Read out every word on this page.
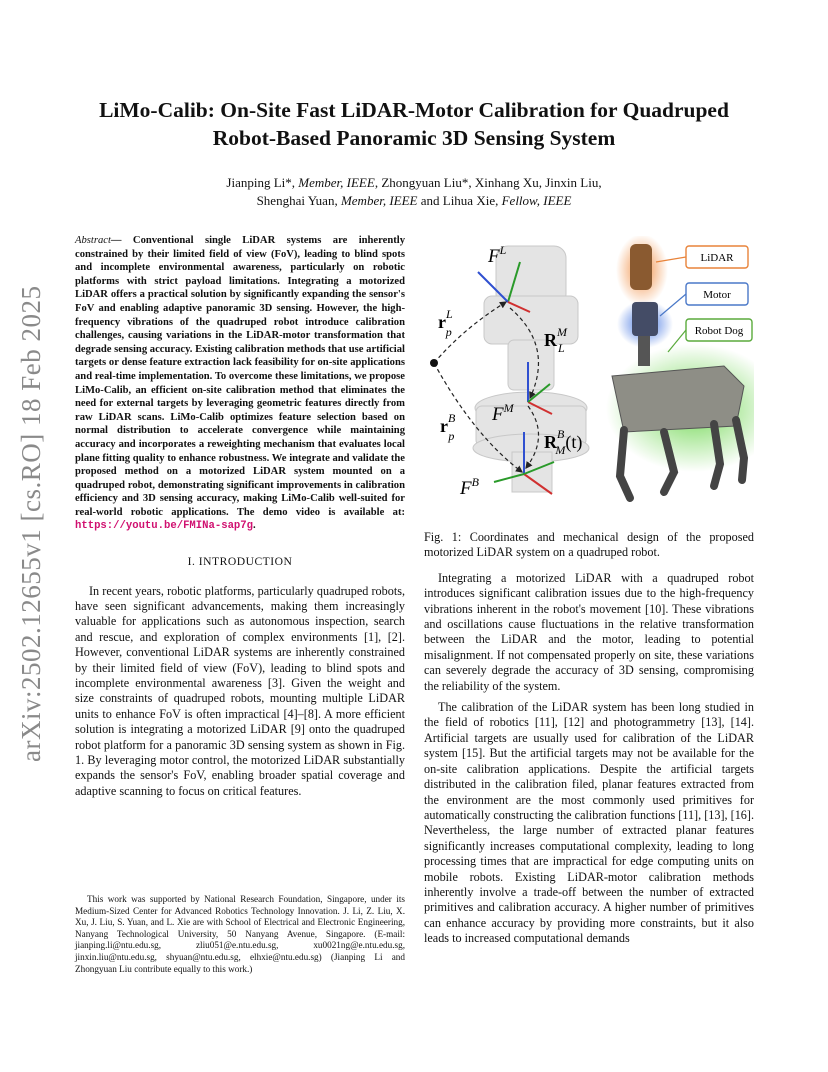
arXiv:2502.12655v1 [cs.RO] 18 Feb 2025
LiMo-Calib: On-Site Fast LiDAR-Motor Calibration for Quadruped
Robot-Based Panoramic 3D Sensing System
Jianping Li*, Member, IEEE, Zhongyuan Liu*, Xinhang Xu, Jinxin Liu,
Shenghai Yuan, Member, IEEE and Lihua Xie, Fellow, IEEE
Abstract— Conventional single LiDAR systems are inherently constrained by their limited field of view (FoV), leading to blind spots and incomplete environmental awareness, particularly on robotic platforms with strict payload limitations. Integrating a motorized LiDAR offers a practical solution by significantly expanding the sensor's FoV and enabling adaptive panoramic 3D sensing. However, the high-frequency vibrations of the quadruped robot introduce calibration challenges, causing variations in the LiDAR-motor transformation that degrade sensing accuracy. Existing calibration methods that use artificial targets or dense feature extraction lack feasibility for on-site applications and real-time implementation. To overcome these limitations, we propose LiMo-Calib, an efficient on-site calibration method that eliminates the need for external targets by leveraging geometric features directly from raw LiDAR scans. LiMo-Calib optimizes feature selection based on normal distribution to accelerate convergence while maintaining accuracy and incorporates a reweighting mechanism that evaluates local plane fitting quality to enhance robustness. We integrate and validate the proposed method on a motorized LiDAR system mounted on a quadruped robot, demonstrating significant improvements in calibration efficiency and 3D sensing accuracy, making LiMo-Calib well-suited for real-world robotic applications. The demo video is available at: https://youtu.be/FMINa-sap7g.
I. INTRODUCTION

In recent years, robotic platforms, particularly quadruped robots, have seen significant advancements, making them increasingly valuable for applications such as autonomous inspection, search and rescue, and exploration of complex environments [1], [2]. However, conventional LiDAR systems are inherently constrained by their limited field of view (FoV), leading to blind spots and incomplete environmental awareness [3]. Given the weight and size constraints of quadruped robots, mounting multiple LiDAR units to enhance FoV is often impractical [4]–[8]. A more efficient solution is integrating a motorized LiDAR [9] onto the quadruped robot platform for a panoramic 3D sensing system as shown in Fig. 1. By leveraging motor control, the motorized LiDAR substantially expands the sensor's FoV, enabling broader spatial coverage and adaptive scanning to focus on critical features.

This work was supported by National Research Foundation, Singapore, under its Medium-Sized Center for Advanced Robotics Technology Innovation. J. Li, Z. Liu, X. Xu, J. Liu, S. Yuan, and L. Xie are with School of Electrical and Electronic Engineering, Nanyang Technological University, 50 Nanyang Avenue, Singapore. (E-mail: jianping.li@ntu.edu.sg, zliu051@e.ntu.edu.sg, xu0021ng@e.ntu.edu.sg, jinxin.liu@ntu.edu.sg, shyuan@ntu.edu.sg, elhxie@ntu.edu.sg) (Jianping Li and Zhongyuan Liu contribute equally to this work.)

LiDAR
Motor
Robot Dog
$F^L$
$r^L$ p	$R^M$ L
$F^M$
$r^B$ p	$R^B$ M(t)
$F^B$

Fig. 1: Coordinates and mechanical design of the proposed motorized LiDAR system on a quadruped robot.

Integrating a motorized LiDAR with a quadruped robot introduces significant calibration issues due to the high-frequency vibrations inherent in the robot's movement [10]. These vibrations and oscillations cause fluctuations in the relative transformation between the LiDAR and the motor, leading to potential misalignment. If not compensated properly on site, these variations can severely degrade the accuracy of 3D sensing, compromising the reliability of the system.

The calibration of the LiDAR system has been long studied in the field of robotics [11], [12] and photogrammetry [13], [14]. Artificial targets are usually used for calibration of the LiDAR system [15]. But the artificial targets may not be available for the on-site calibration applications. Despite the artificial targets distributed in the calibration filed, planar features extracted from the environment are the most commonly used primitives for automatically constructing the calibration functions [11], [13], [16]. Nevertheless, the large number of extracted planar features significantly increases computational complexity, leading to long processing times that are impractical for edge computing units on mobile robots. Existing LiDAR-motor calibration methods inherently involve a trade-off between the number of extracted primitives and calibration accuracy. A higher number of primitives can enhance accuracy by providing more constraints, but it also leads to increased computational demands
